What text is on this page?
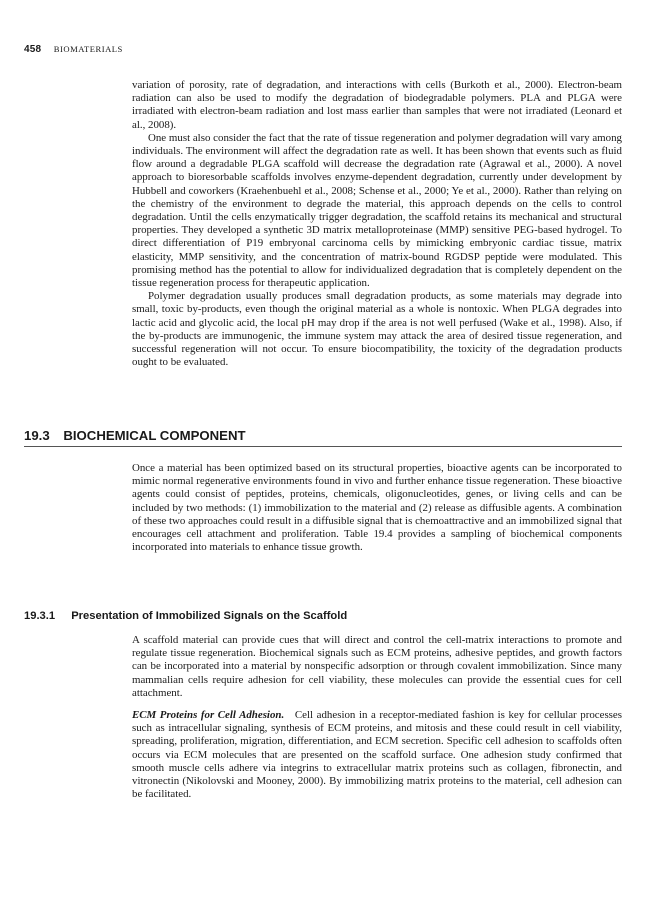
458 BIOMATERIALS

variation of porosity, rate of degradation, and interactions with cells (Burkoth et al., 2000). Electron-beam radiation can also be used to modify the degradation of biodegradable polymers. PLA and PLGA were irradiated with electron-beam radiation and lost mass earlier than samples that were not irradiated (Leonard et al., 2008).

One must also consider the fact that the rate of tissue regeneration and polymer degradation will vary among individuals. The environment will affect the degradation rate as well. It has been shown that events such as fluid flow around a degradable PLGA scaffold will decrease the degradation rate (Agrawal et al., 2000). A novel approach to bioresorbable scaffolds involves enzyme-dependent degradation, currently under development by Hubbell and coworkers (Kraehenbuehl et al., 2008; Schense et al., 2000; Ye et al., 2000). Rather than relying on the chemistry of the environment to degrade the material, this approach depends on the cells to control degradation. Until the cells enzymatically trigger degradation, the scaffold retains its mechanical and structural properties. They developed a synthetic 3D matrix metalloproteinase (MMP) sensitive PEG-based hydrogel. To direct differentiation of P19 embryonal carcinoma cells by mimicking embryonic cardiac tissue, matrix elasticity, MMP sensitivity, and the concentration of matrix-bound RGDSP peptide were modulated. This promising method has the potential to allow for individualized degradation that is completely dependent on the tissue regeneration process for therapeutic application.

Polymer degradation usually produces small degradation products, as some materials may degrade into small, toxic by-products, even though the original material as a whole is nontoxic. When PLGA degrades into lactic acid and glycolic acid, the local pH may drop if the area is not well perfused (Wake et al., 1998). Also, if the by-products are immunogenic, the immune system may attack the area of desired tissue regeneration, and successful regeneration will not occur. To ensure biocompatibility, the toxicity of the degradation products ought to be evaluated.

19.3 BIOCHEMICAL COMPONENT

Once a material has been optimized based on its structural properties, bioactive agents can be incorporated to mimic normal regenerative environments found in vivo and further enhance tissue regeneration. These bioactive agents could consist of peptides, proteins, chemicals, oligonucleotides, genes, or living cells and can be included by two methods: (1) immobilization to the material and (2) release as diffusible agents. A combination of these two approaches could result in a diffusible signal that is chemoattractive and an immobilized signal that encourages cell attachment and proliferation. Table 19.4 provides a sampling of biochemical components incorporated into materials to enhance tissue growth.

19.3.1 Presentation of Immobilized Signals on the Scaffold

A scaffold material can provide cues that will direct and control the cell-matrix interactions to promote and regulate tissue regeneration. Biochemical signals such as ECM proteins, adhesive peptides, and growth factors can be incorporated into a material by nonspecific adsorption or through covalent immobilization. Since many mammalian cells require adhesion for cell viability, these molecules can provide the essential cues for cell attachment.

ECM Proteins for Cell Adhesion. Cell adhesion in a receptor-mediated fashion is key for cellular processes such as intracellular signaling, synthesis of ECM proteins, and mitosis and these could result in cell viability, spreading, proliferation, migration, differentiation, and ECM secretion. Specific cell adhesion to scaffolds often occurs via ECM molecules that are presented on the scaffold surface. One adhesion study confirmed that smooth muscle cells adhere via integrins to extracellular matrix proteins such as collagen, fibronectin, and vitronectin (Nikolovski and Mooney, 2000). By immobilizing matrix proteins to the material, cell adhesion can be facilitated.
